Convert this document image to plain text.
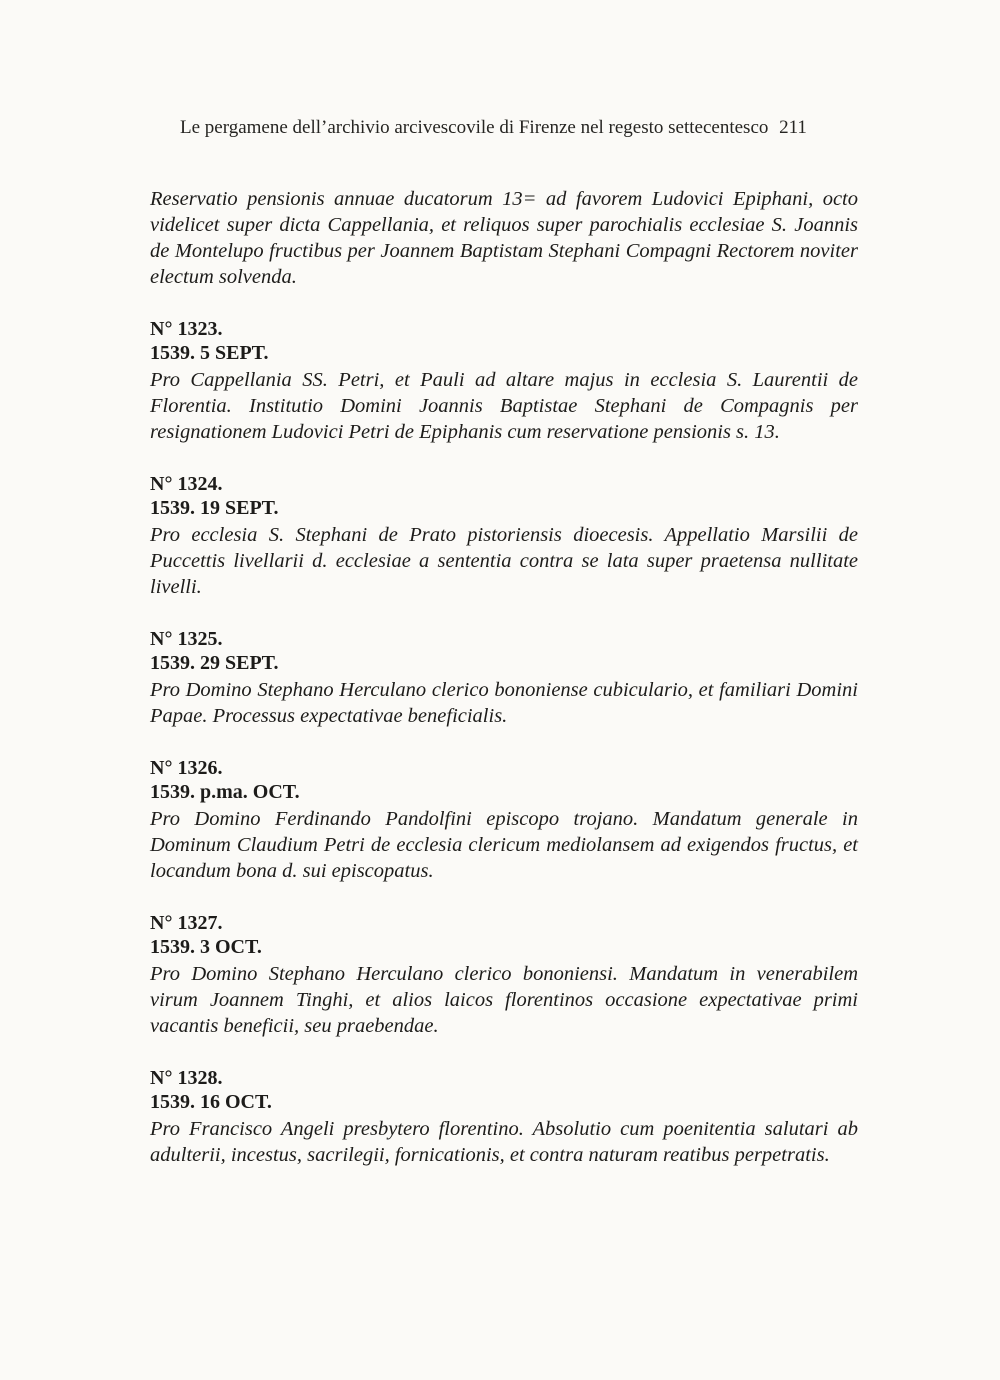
Le pergamene dell’archivio arcivescovile di Firenze nel regesto settecentesco 211

Reservatio pensionis annuae ducatorum 13= ad favorem Ludovici Epiphani, octo videlicet super dicta Cappellania, et reliquos super parochialis ecclesiae S. Joannis de Montelupo fructibus per Joannem Baptistam Stephani Compagni Rectorem noviter electum solvenda.

N° 1323.

1539. 5 SEPT.

Pro Cappellania SS. Petri, et Pauli ad altare majus in ecclesia S. Laurentii de Florentia. Institutio Domini Joannis Baptistae Stephani de Compagnis per resignationem Ludovici Petri de Epiphanis cum reservatione pensionis s. 13.

N° 1324.

1539. 19 SEPT.

Pro ecclesia S. Stephani de Prato pistoriensis dioecesis. Appellatio Marsilii de Puccettis livellarii d. ecclesiae a sententia contra se lata super praetensa nullitate livelli.

N° 1325.

1539. 29 SEPT.

Pro Domino Stephano Herculano clerico bononiense cubiculario, et familiari Domini Papae. Processus expectativae beneficialis.

N° 1326.

1539. p.ma. OCT.

Pro Domino Ferdinando Pandolfini episcopo trojano. Mandatum generale in Dominum Claudium Petri de ecclesia clericum mediolansem ad exigendos fructus, et locandum bona d. sui episcopatus.

N° 1327.

1539. 3 OCT.

Pro Domino Stephano Herculano clerico bononiensi. Mandatum in venerabilem virum Joannem Tinghi, et alios laicos florentinos occasione expectativae primi vacantis beneficii, seu praebendae.

N° 1328.

1539. 16 OCT.

Pro Francisco Angeli presbytero florentino. Absolutio cum poenitentia salutari ab adulterii, incestus, sacrilegii, fornicationis, et contra naturam reatibus perpetratis.
